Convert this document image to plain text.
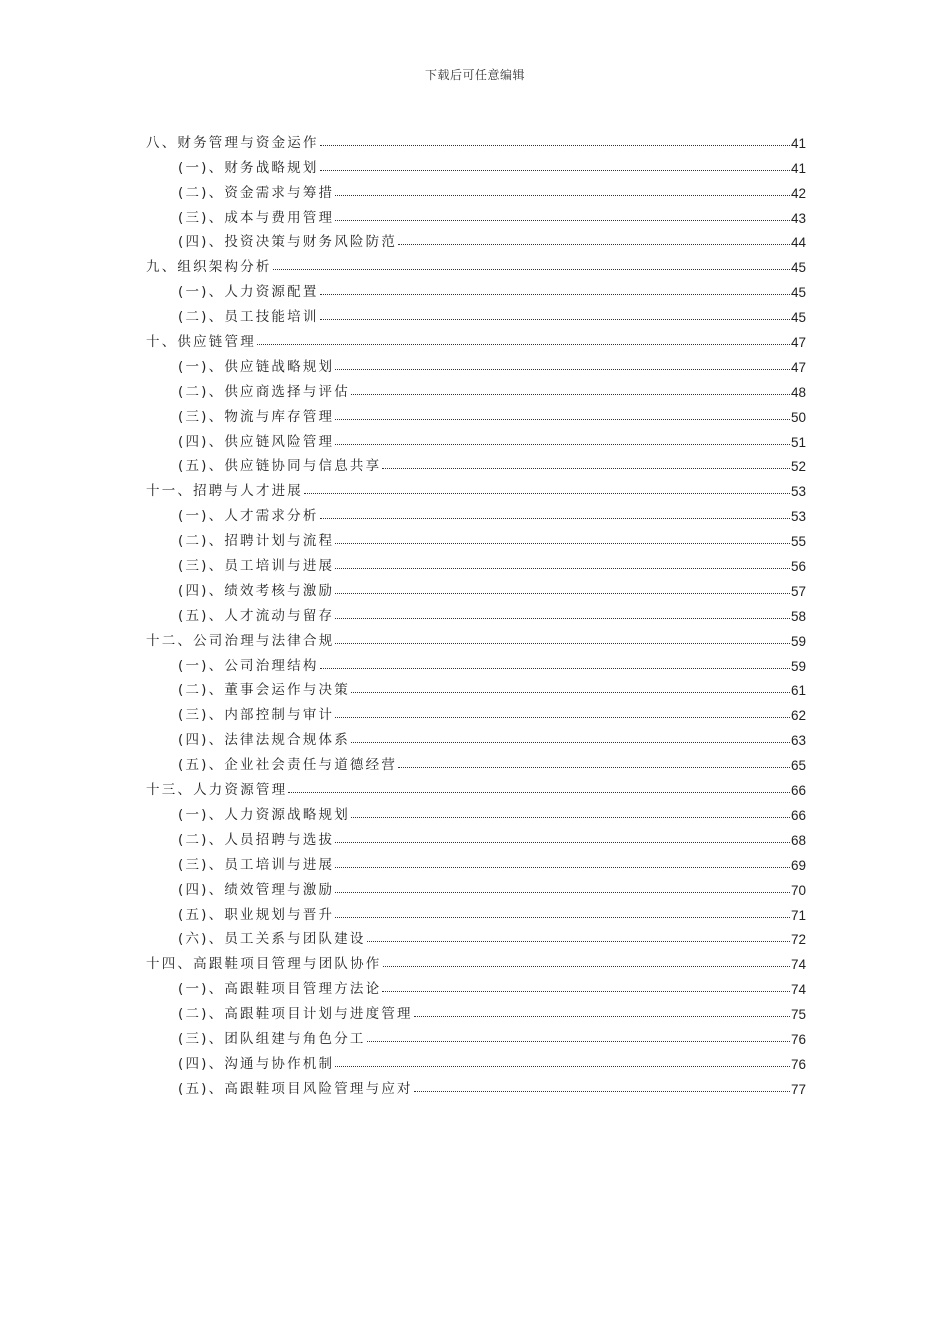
下载后可任意编辑
八、财务管理与资金运作	41
(一)、财务战略规划	41
(二)、资金需求与筹措	42
(三)、成本与费用管理	43
(四)、投资决策与财务风险防范	44
九、组织架构分析	45
(一)、人力资源配置	45
(二)、员工技能培训	45
十、供应链管理	47
(一)、供应链战略规划	47
(二)、供应商选择与评估	48
(三)、物流与库存管理	50
(四)、供应链风险管理	51
(五)、供应链协同与信息共享	52
十一、招聘与人才进展	53
(一)、人才需求分析	53
(二)、招聘计划与流程	55
(三)、员工培训与进展	56
(四)、绩效考核与激励	57
(五)、人才流动与留存	58
十二、公司治理与法律合规	59
(一)、公司治理结构	59
(二)、董事会运作与决策	61
(三)、内部控制与审计	62
(四)、法律法规合规体系	63
(五)、企业社会责任与道德经营	65
十三、人力资源管理	66
(一)、人力资源战略规划	66
(二)、人员招聘与选拔	68
(三)、员工培训与进展	69
(四)、绩效管理与激励	70
(五)、职业规划与晋升	71
(六)、员工关系与团队建设	72
十四、高跟鞋项目管理与团队协作	74
(一)、高跟鞋项目管理方法论	74
(二)、高跟鞋项目计划与进度管理	75
(三)、团队组建与角色分工	76
(四)、沟通与协作机制	76
(五)、高跟鞋项目风险管理与应对	77
